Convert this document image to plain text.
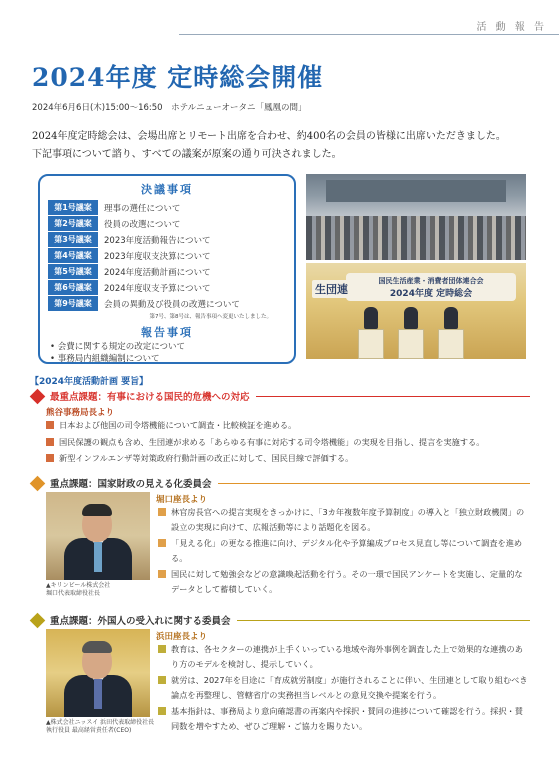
活 動 報 告
2024年度 定時総会開催
2024年6月6日(木)15:00～16:50　ホテルニューオータニ「鳳凰の間」

2024年度定時総会は、会場出席とリモート出席を合わせ、約400名の会員の皆様に出席いただきました。

下記事項について諮り、すべての議案が原案の通り可決されました。

決議事項
第1号議案	理事の選任について
第2号議案	役員の改選について
第3号議案	2023年度活動報告について
第4号議案	2023年度収支決算について
第5号議案	2024年度活動計画について
第6号議案	2024年度収支予算について
第9号議案	会員の異動及び役員の改選について
第7号、第8号は、報告事項へ変更いたしました。
報告事項
• 会費に関する規定の改定について
• 事務局内組織編制について
国民生活産業・消費者団体連合会
2024年度 定時総会
生団連
【2024年度活動計画 要旨】
最重点課題：有事における国民的危機への対応
熊谷事務局長より
日本および他国の司令塔機能について調査・比較検証を進める。
国民保護の観点も含め、生団連が求める「あらゆる有事に対応する司令塔機能」の実現を目指し、提言を実施する。
新型インフルエンザ等対策政府行動計画の改正に対して、国民目線で評価する。
重点課題：国家財政の見える化委員会
▲キリンビール株式会社
堀口代表取締役社長
堀口座長より
林官房長官への提言実現をきっかけに、「3カ年複数年度予算制度」の導入と「独立財政機関」の設立の実現に向けて、広報活動等により話題化を図る。
「見える化」の更なる推進に向け、デジタル化や予算編成プロセス見直し等について調査を進める。
国民に対して勉強会などの意識喚起活動を行う。その一環で国民アンケートを実施し、定量的なデータとして蓄積していく。
重点課題：外国人の受入れに関する委員会
▲株式会社ニッスイ 浜田代表取締役社長
執行役員 最高経営責任者(CEO)
浜田座長より
教育は、各セクターの連携が上手くいっている地域や海外事例を調査した上で効果的な連携のあり方のモデルを検討し、提示していく。
就労は、2027年を目途に「育成就労制度」が施行されることに伴い、生団連として取り組むべき論点を再整理し、管轄省庁の実務担当レベルとの意見交換や提案を行う。
基本指針は、事務局より意向確認書の再案内や採択・賛同の進捗について確認を行う。採択・賛同数を増やすため、ぜひご理解・ご協力を賜りたい。
